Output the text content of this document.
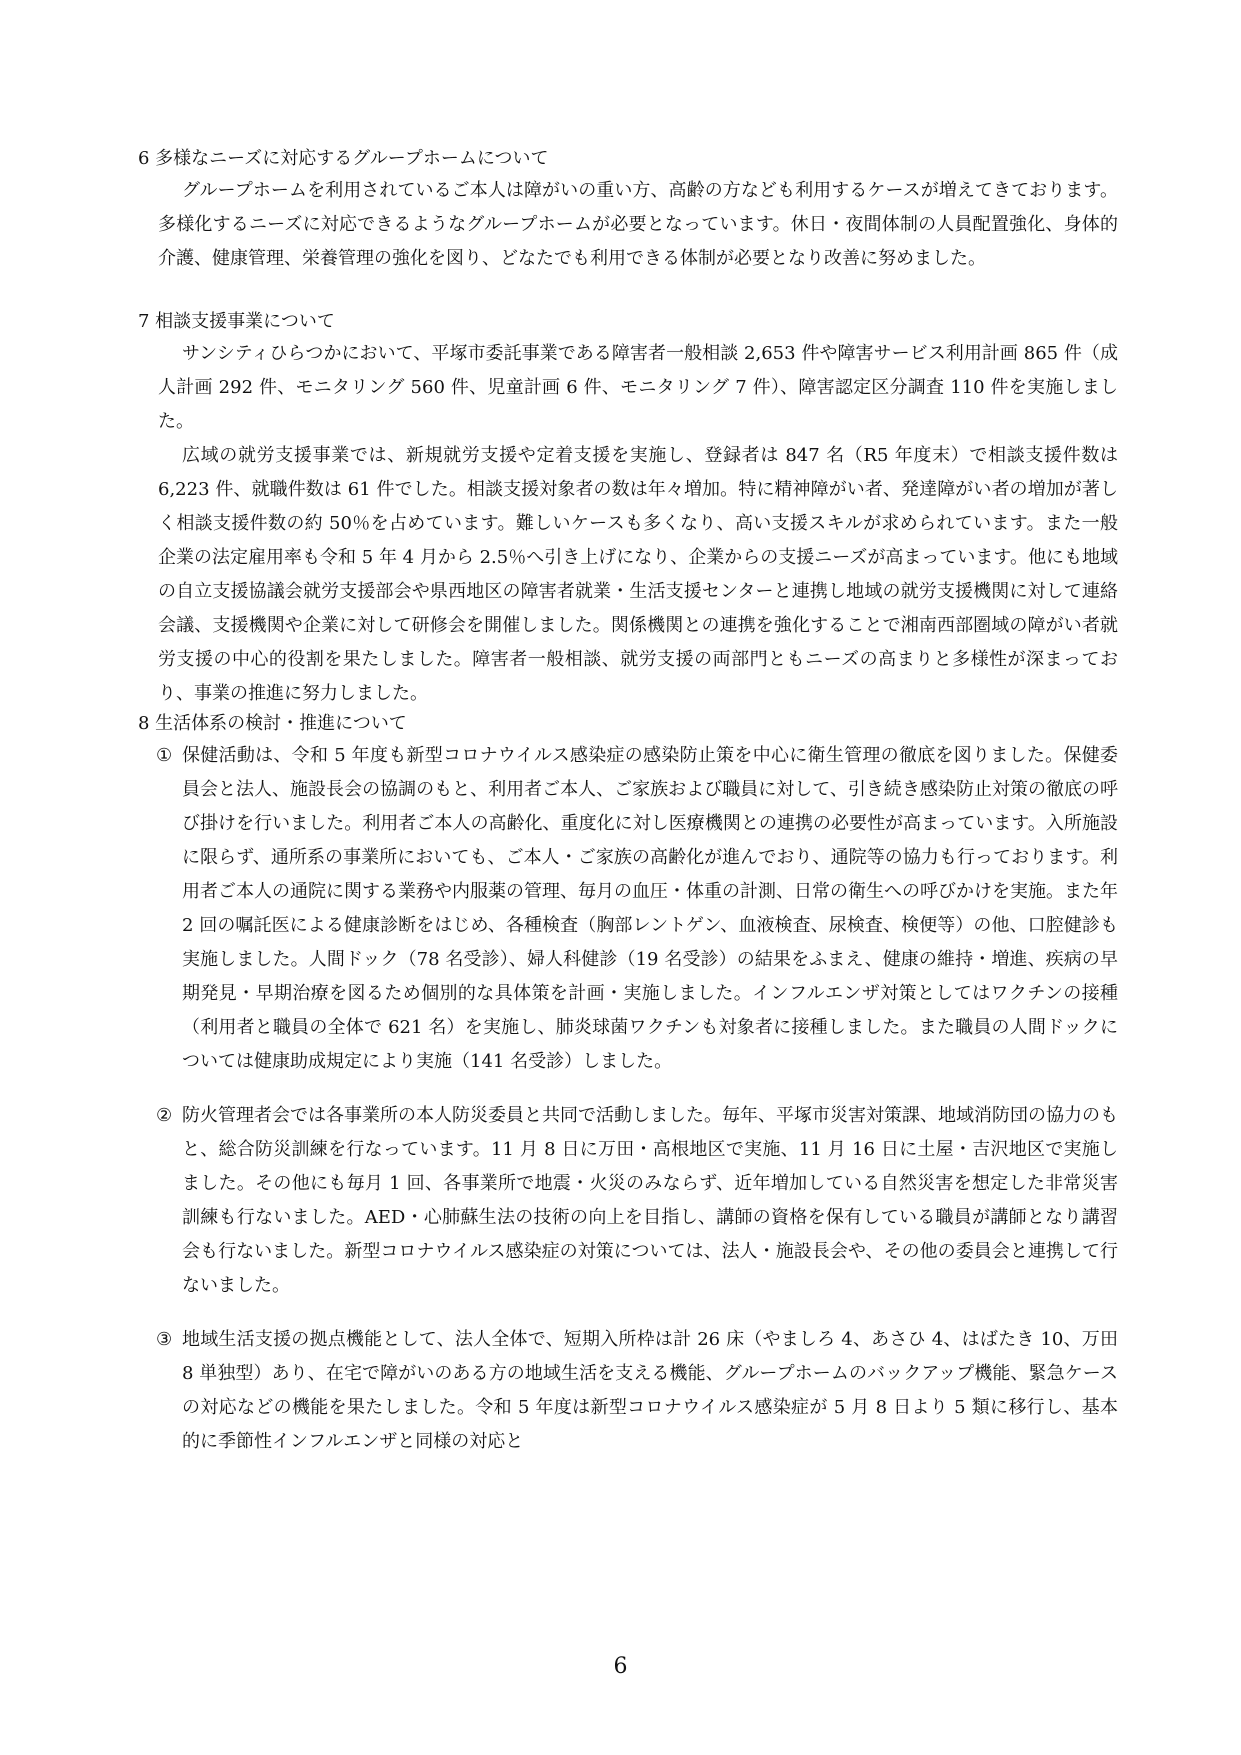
6 多様なニーズに対応するグループホームについて
グループホームを利用されているご本人は障がいの重い方、高齢の方なども利用するケースが増えてきております。多様化するニーズに対応できるようなグループホームが必要となっています。休日・夜間体制の人員配置強化、身体的介護、健康管理、栄養管理の強化を図り、どなたでも利用できる体制が必要となり改善に努めました。
7 相談支援事業について
サンシティひらつかにおいて、平塚市委託事業である障害者一般相談 2,653 件や障害サービス利用計画 865 件（成人計画 292 件、モニタリング 560 件、児童計画 6 件、モニタリング 7 件）、障害認定区分調査 110 件を実施しました。
広域の就労支援事業では、新規就労支援や定着支援を実施し、登録者は 847 名（R5 年度末）で相談支援件数は 6,223 件、就職件数は 61 件でした。相談支援対象者の数は年々増加。特に精神障がい者、発達障がい者の増加が著しく相談支援件数の約 50％を占めています。難しいケースも多くなり、高い支援スキルが求められています。また一般企業の法定雇用率も令和 5 年 4 月から 2.5％へ引き上げになり、企業からの支援ニーズが高まっています。他にも地域の自立支援協議会就労支援部会や県西地区の障害者就業・生活支援センターと連携し地域の就労支援機関に対して連絡会議、支援機関や企業に対して研修会を開催しました。関係機関との連携を強化することで湘南西部圏域の障がい者就労支援の中心的役割を果たしました。障害者一般相談、就労支援の両部門ともニーズの高まりと多様性が深まっており、事業の推進に努力しました。
8 生活体系の検討・推進について
① 保健活動は、令和 5 年度も新型コロナウイルス感染症の感染防止策を中心に衛生管理の徹底を図りました。保健委員会と法人、施設長会の協調のもと、利用者ご本人、ご家族および職員に対して、引き続き感染防止対策の徹底の呼び掛けを行いました。利用者ご本人の高齢化、重度化に対し医療機関との連携の必要性が高まっています。入所施設に限らず、通所系の事業所においても、ご本人・ご家族の高齢化が進んでおり、通院等の協力も行っております。利用者ご本人の通院に関する業務や内服薬の管理、毎月の血圧・体重の計測、日常の衛生への呼びかけを実施。また年 2 回の嘱託医による健康診断をはじめ、各種検査（胸部レントゲン、血液検査、尿検査、検便等）の他、口腔健診も実施しました。人間ドック（78 名受診）、婦人科健診（19 名受診）の結果をふまえ、健康の維持・増進、疾病の早期発見・早期治療を図るため個別的な具体策を計画・実施しました。インフルエンザ対策としてはワクチンの接種（利用者と職員の全体で 621 名）を実施し、肺炎球菌ワクチンも対象者に接種しました。また職員の人間ドックについては健康助成規定により実施（141 名受診）しました。
② 防火管理者会では各事業所の本人防災委員と共同で活動しました。毎年、平塚市災害対策課、地域消防団の協力のもと、総合防災訓練を行なっています。11 月 8 日に万田・高根地区で実施、11 月 16 日に土屋・吉沢地区で実施しました。その他にも毎月 1 回、各事業所で地震・火災のみならず、近年増加している自然災害を想定した非常災害訓練も行ないました。AED・心肺蘇生法の技術の向上を目指し、講師の資格を保有している職員が講師となり講習会も行ないました。新型コロナウイルス感染症の対策については、法人・施設長会や、その他の委員会と連携して行ないました。
③ 地域生活支援の拠点機能として、法人全体で、短期入所枠は計 26 床（やましろ 4、あさひ 4、はばたき 10、万田 8 単独型）あり、在宅で障がいのある方の地域生活を支える機能、グループホームのバックアップ機能、緊急ケースの対応などの機能を果たしました。令和 5 年度は新型コロナウイルス感染症が 5 月 8 日より 5 類に移行し、基本的に季節性インフルエンザと同様の対応と
6
